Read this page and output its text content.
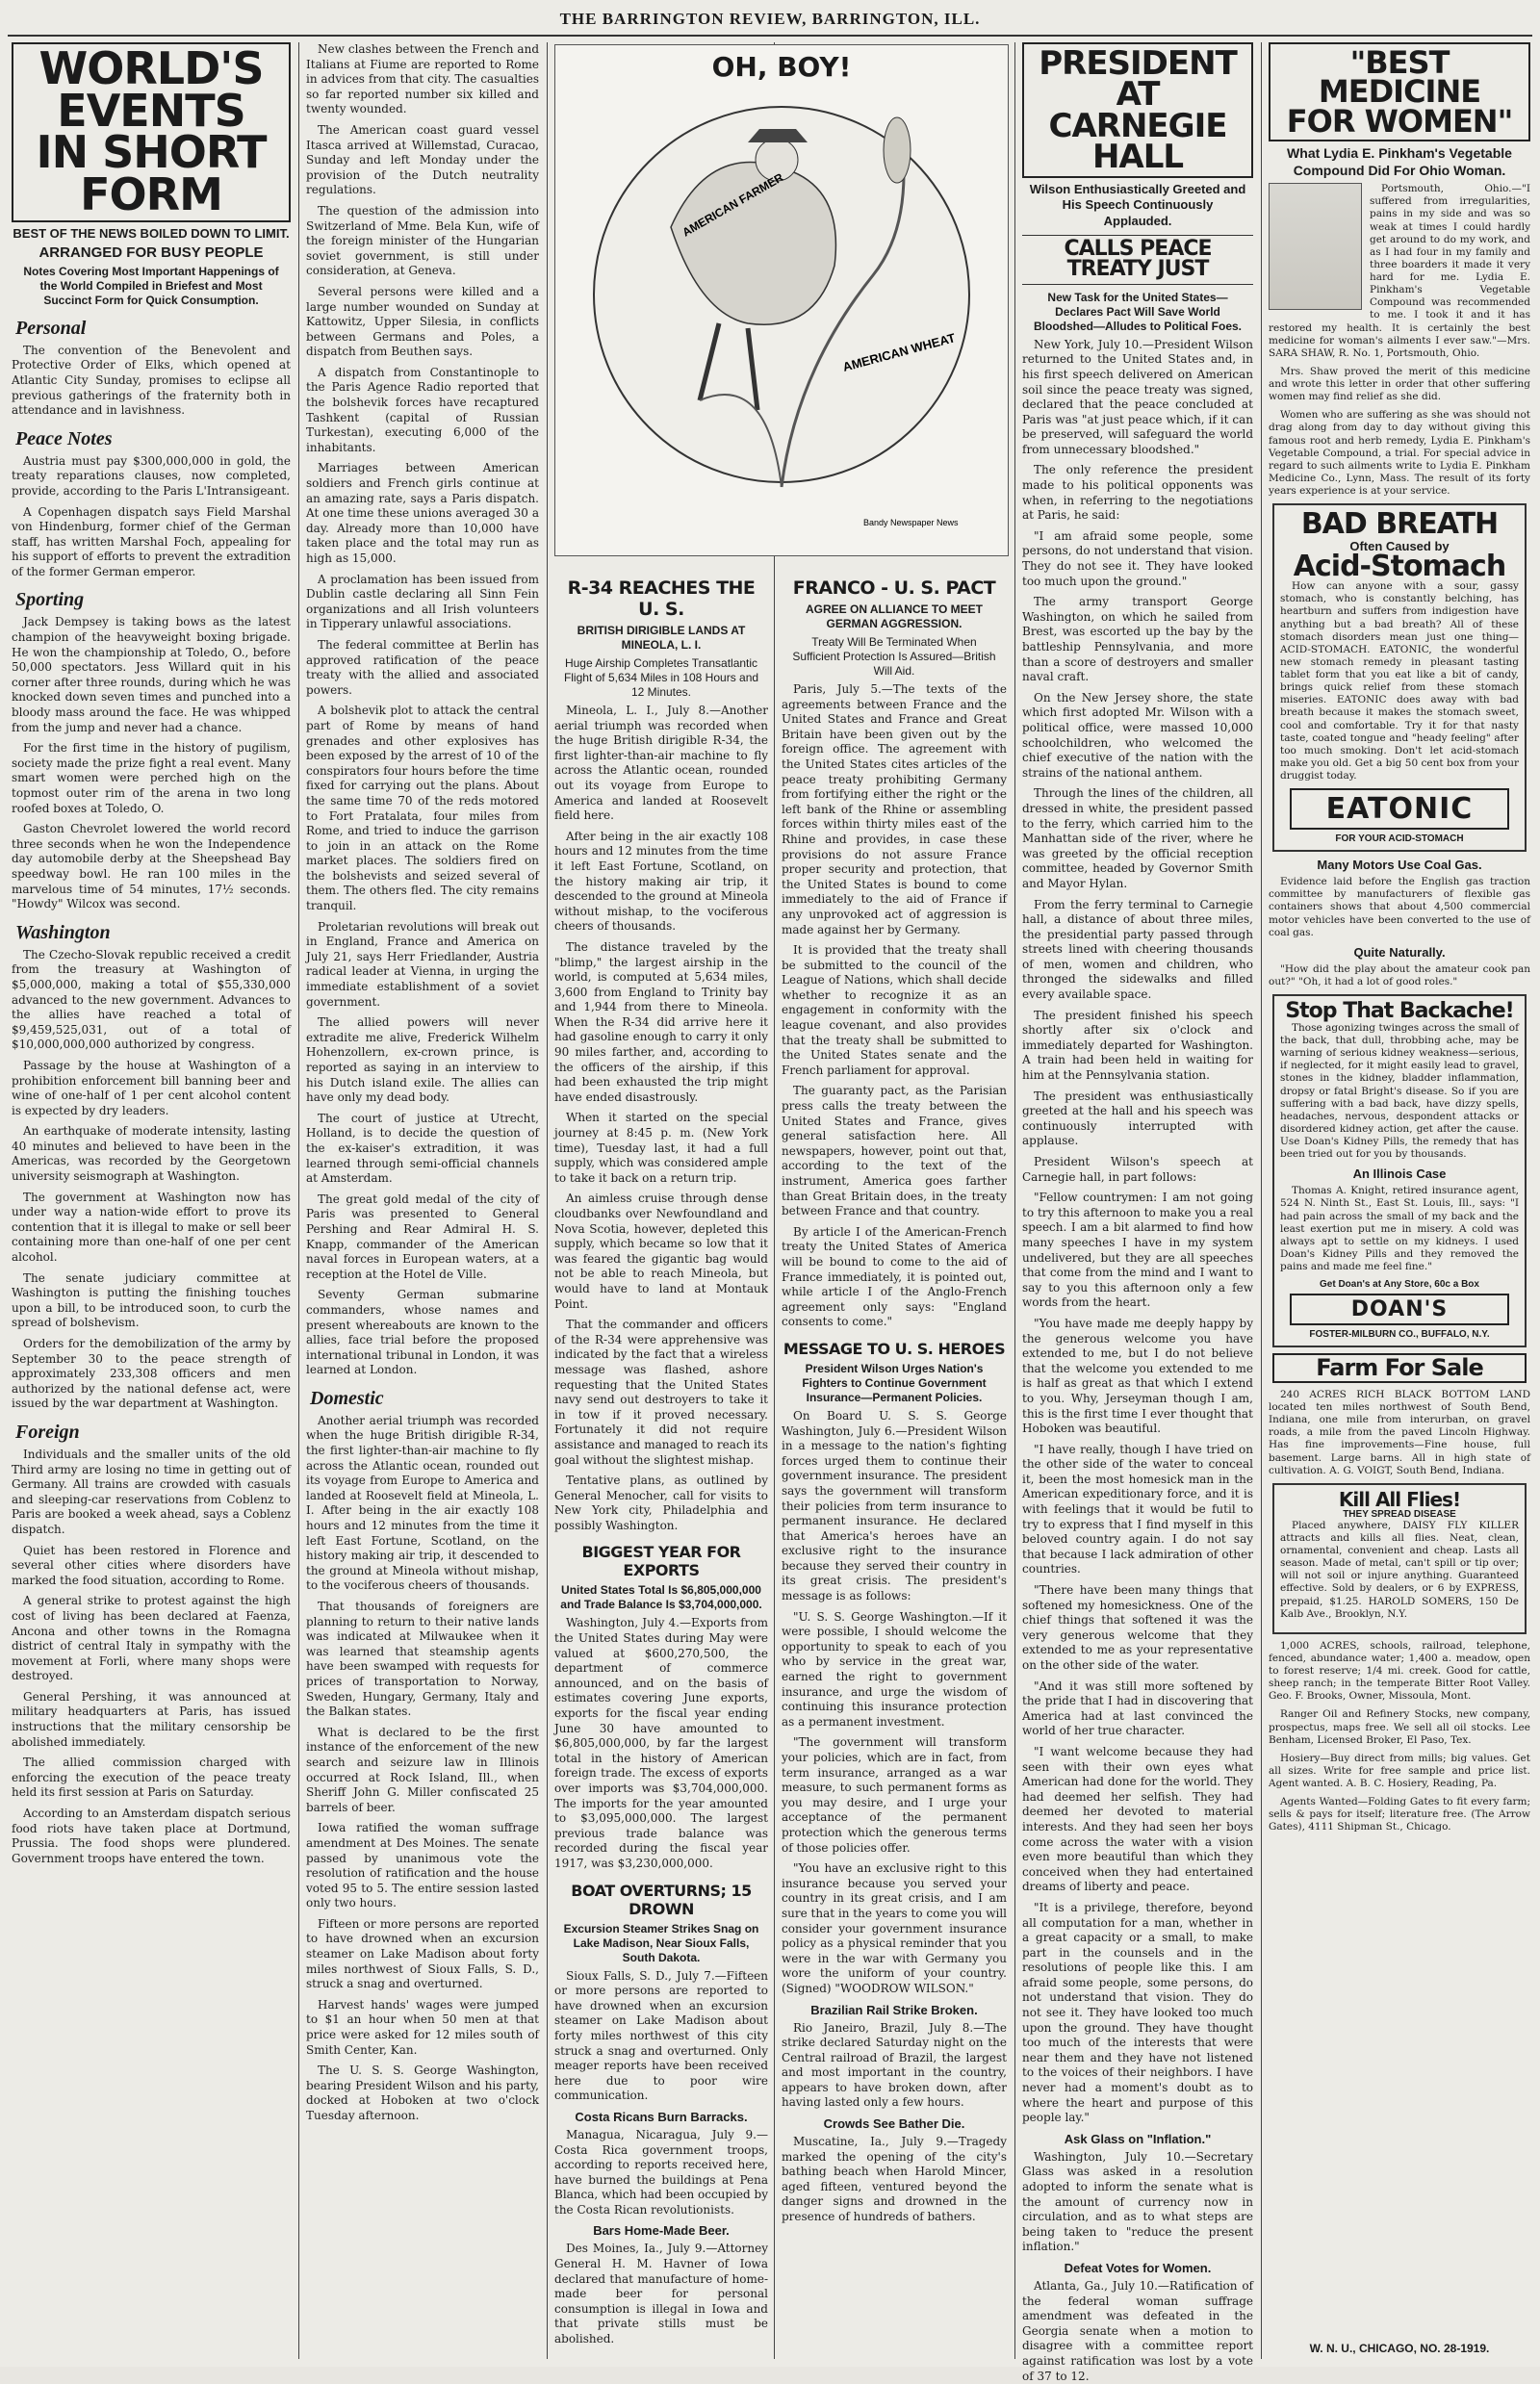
THE BARRINGTON REVIEW, BARRINGTON, ILL.
WORLD'S EVENTS
IN SHORT FORM
BEST OF THE NEWS BOILED DOWN TO LIMIT.
ARRANGED FOR BUSY PEOPLE
Notes Covering Most Important Happenings of the World Compiled in Briefest and Most Succinct Form for Quick Consumption.
Personal

The convention of the Benevolent and Protective Order of Elks, which opened at Atlantic City Sunday, promises to eclipse all previous gatherings of the fraternity both in attendance and in lavishness.

Peace Notes

Austria must pay $300,000,000 in gold, the treaty reparations clauses, now completed, provide, according to the Paris L'Intransigeant.

A Copenhagen dispatch says Field Marshal von Hindenburg, former chief of the German staff, has written Marshal Foch, appealing for his support of efforts to prevent the extradition of the former German emperor.

Sporting

Jack Dempsey is taking bows as the latest champion of the heavyweight boxing brigade. He won the championship at Toledo, O., before 50,000 spectators. Jess Willard quit in his corner after three rounds, during which he was knocked down seven times and punched into a bloody mass around the face. He was whipped from the jump and never had a chance.

For the first time in the history of pugilism, society made the prize fight a real event. Many smart women were perched high on the topmost outer rim of the arena in two long roofed boxes at Toledo, O.

Gaston Chevrolet lowered the world record three seconds when he won the Independence day automobile derby at the Sheepshead Bay speedway bowl. He ran 100 miles in the marvelous time of 54 minutes, 17½ seconds. "Howdy" Wilcox was second.

Washington

The Czecho-Slovak republic received a credit from the treasury at Washington of $5,000,000, making a total of $55,330,000 advanced to the new government. Advances to the allies have reached a total of $9,459,525,031, out of a total of $10,000,000,000 authorized by congress.

Passage by the house at Washington of a prohibition enforcement bill banning beer and wine of one-half of 1 per cent alcohol content is expected by dry leaders.

An earthquake of moderate intensity, lasting 40 minutes and believed to have been in the Americas, was recorded by the Georgetown university seismograph at Washington.

The government at Washington now has under way a nation-wide effort to prove its contention that it is illegal to make or sell beer containing more than one-half of one per cent alcohol.

The senate judiciary committee at Washington is putting the finishing touches upon a bill, to be introduced soon, to curb the spread of bolshevism.

Orders for the demobilization of the army by September 30 to the peace strength of approximately 233,308 officers and men authorized by the national defense act, were issued by the war department at Washington.

Foreign

Individuals and the smaller units of the old Third army are losing no time in getting out of Germany. All trains are crowded with casuals and sleeping-car reservations from Coblenz to Paris are booked a week ahead, says a Coblenz dispatch.

Quiet has been restored in Florence and several other cities where disorders have marked the food situation, according to Rome.

A general strike to protest against the high cost of living has been declared at Faenza, Ancona and other towns in the Romagna district of central Italy in sympathy with the movement at Forli, where many shops were destroyed.

General Pershing, it was announced at military headquarters at Paris, has issued instructions that the military censorship be abolished immediately.

The allied commission charged with enforcing the execution of the peace treaty held its first session at Paris on Saturday.

According to an Amsterdam dispatch serious food riots have taken place at Dortmund, Prussia. The food shops were plundered. Government troops have entered the town.

New clashes between the French and Italians at Fiume are reported to Rome in advices from that city. The casualties so far reported number six killed and twenty wounded.

The American coast guard vessel Itasca arrived at Willemstad, Curacao, Sunday and left Monday under the provision of the Dutch neutrality regulations.

The question of the admission into Switzerland of Mme. Bela Kun, wife of the foreign minister of the Hungarian soviet government, is still under consideration, at Geneva.

Several persons were killed and a large number wounded on Sunday at Kattowitz, Upper Silesia, in conflicts between Germans and Poles, a dispatch from Beuthen says.

A dispatch from Constantinople to the Paris Agence Radio reported that the bolshevik forces have recaptured Tashkent (capital of Russian Turkestan), executing 6,000 of the inhabitants.

Marriages between American soldiers and French girls continue at an amazing rate, says a Paris dispatch. At one time these unions averaged 30 a day. Already more than 10,000 have taken place and the total may run as high as 15,000.

A proclamation has been issued from Dublin castle declaring all Sinn Fein organizations and all Irish volunteers in Tipperary unlawful associations.

The federal committee at Berlin has approved ratification of the peace treaty with the allied and associated powers.

A bolshevik plot to attack the central part of Rome by means of hand grenades and other explosives has been exposed by the arrest of 10 of the conspirators four hours before the time fixed for carrying out the plans. About the same time 70 of the reds motored to Fort Pratalata, four miles from Rome, and tried to induce the garrison to join in an attack on the Rome market places. The soldiers fired on the bolshevists and seized several of them. The others fled. The city remains tranquil.

Proletarian revolutions will break out in England, France and America on July 21, says Herr Friedlander, Austria radical leader at Vienna, in urging the immediate establishment of a soviet government.

The allied powers will never extradite me alive, Frederick Wilhelm Hohenzollern, ex-crown prince, is reported as saying in an interview to his Dutch island exile. The allies can have only my dead body.

The court of justice at Utrecht, Holland, is to decide the question of the ex-kaiser's extradition, it was learned through semi-official channels at Amsterdam.

The great gold medal of the city of Paris was presented to General Pershing and Rear Admiral H. S. Knapp, commander of the American naval forces in European waters, at a reception at the Hotel de Ville.

Seventy German submarine commanders, whose names and present whereabouts are known to the allies, face trial before the proposed international tribunal in London, it was learned at London.

Domestic

Another aerial triumph was recorded when the huge British dirigible R-34, the first lighter-than-air machine to fly across the Atlantic ocean, rounded out its voyage from Europe to America and landed at Roosevelt field at Mineola, L. I. After being in the air exactly 108 hours and 12 minutes from the time it left East Fortune, Scotland, on the history making air trip, it descended to the ground at Mineola without mishap, to the vociferous cheers of thousands.

That thousands of foreigners are planning to return to their native lands was indicated at Milwaukee when it was learned that steamship agents have been swamped with requests for prices of transportation to Norway, Sweden, Hungary, Germany, Italy and the Balkan states.

What is declared to be the first instance of the enforcement of the new search and seizure law in Illinois occurred at Rock Island, Ill., when Sheriff John G. Miller confiscated 25 barrels of beer.

Iowa ratified the woman suffrage amendment at Des Moines. The senate passed by unanimous vote the resolution of ratification and the house voted 95 to 5. The entire session lasted only two hours.

Fifteen or more persons are reported to have drowned when an excursion steamer on Lake Madison about forty miles northwest of Sioux Falls, S. D., struck a snag and overturned.

Harvest hands' wages were jumped to $1 an hour when 50 men at that price were asked for 12 miles south of Smith Center, Kan.

The U. S. S. George Washington, bearing President Wilson and his party, docked at Hoboken at two o'clock Tuesday afternoon.

OH, BOY!
AMERICAN FARMER
AMERICAN WHEAT
Bandy Newspaper News
R-34 REACHES THE U. S.
BRITISH DIRIGIBLE LANDS AT MINEOLA, L. I.
Huge Airship Completes Transatlantic Flight of 5,634 Miles in 108 Hours and 12 Minutes.

Mineola, L. I., July 8.—Another aerial triumph was recorded when the huge British dirigible R-34, the first lighter-than-air machine to fly across the Atlantic ocean, rounded out its voyage from Europe to America and landed at Roosevelt field here.

After being in the air exactly 108 hours and 12 minutes from the time it left East Fortune, Scotland, on the history making air trip, it descended to the ground at Mineola without mishap, to the vociferous cheers of thousands.

The distance traveled by the "blimp," the largest airship in the world, is computed at 5,634 miles, 3,600 from England to Trinity bay and 1,944 from there to Mineola. When the R-34 did arrive here it had gasoline enough to carry it only 90 miles farther, and, according to the officers of the airship, if this had been exhausted the trip might have ended disastrously.

When it started on the special journey at 8:45 p. m. (New York time), Tuesday last, it had a full supply, which was considered ample to take it back on a return trip.

An aimless cruise through dense cloudbanks over Newfoundland and Nova Scotia, however, depleted this supply, which became so low that it was feared the gigantic bag would not be able to reach Mineola, but would have to land at Montauk Point.

That the commander and officers of the R-34 were apprehensive was indicated by the fact that a wireless message was flashed, ashore requesting that the United States navy send out destroyers to take it in tow if it proved necessary. Fortunately it did not require assistance and managed to reach its goal without the slightest mishap.

Tentative plans, as outlined by General Menocher, call for visits to New York city, Philadelphia and possibly Washington.

BIGGEST YEAR FOR EXPORTS
United States Total Is $6,805,000,000 and Trade Balance Is $3,704,000,000.

Washington, July 4.—Exports from the United States during May were valued at $600,270,500, the department of commerce announced, and on the basis of estimates covering June exports, exports for the fiscal year ending June 30 have amounted to $6,805,000,000, by far the largest total in the history of American foreign trade. The excess of exports over imports was $3,704,000,000. The imports for the year amounted to $3,095,000,000. The largest previous trade balance was recorded during the fiscal year 1917, was $3,230,000,000.

BOAT OVERTURNS; 15 DROWN
Excursion Steamer Strikes Snag on Lake Madison, Near Sioux Falls, South Dakota.

Sioux Falls, S. D., July 7.—Fifteen or more persons are reported to have drowned when an excursion steamer on Lake Madison about forty miles northwest of this city struck a snag and overturned. Only meager reports have been received here due to poor wire communication.

Costa Ricans Burn Barracks.

Managua, Nicaragua, July 9.—Costa Rica government troops, according to reports received here, have burned the buildings at Pena Blanca, which had been occupied by the Costa Rican revolutionists.

Bars Home-Made Beer.

Des Moines, Ia., July 9.—Attorney General H. M. Havner of Iowa declared that manufacture of home-made beer for personal consumption is illegal in Iowa and that private stills must be abolished.

FRANCO - U. S. PACT
AGREE ON ALLIANCE TO MEET GERMAN AGGRESSION.
Treaty Will Be Terminated When Sufficient Protection Is Assured—British Will Aid.

Paris, July 5.—The texts of the agreements between France and the United States and France and Great Britain have been given out by the foreign office. The agreement with the United States cites articles of the peace treaty prohibiting Germany from fortifying either the right or the left bank of the Rhine or assembling forces within thirty miles east of the Rhine and provides, in case these provisions do not assure France proper security and protection, that the United States is bound to come immediately to the aid of France if any unprovoked act of aggression is made against her by Germany.

It is provided that the treaty shall be submitted to the council of the League of Nations, which shall decide whether to recognize it as an engagement in conformity with the league covenant, and also provides that the treaty shall be submitted to the United States senate and the French parliament for approval.

The guaranty pact, as the Parisian press calls the treaty between the United States and France, gives general satisfaction here. All newspapers, however, point out that, according to the text of the instrument, America goes farther than Great Britain does, in the treaty between France and that country.

By article I of the American-French treaty the United States of America will be bound to come to the aid of France immediately, it is pointed out, while article I of the Anglo-French agreement only says: "England consents to come."

MESSAGE TO U. S. HEROES
President Wilson Urges Nation's Fighters to Continue Government Insurance—Permanent Policies.

On Board U. S. S. George Washington, July 6.—President Wilson in a message to the nation's fighting forces urged them to continue their government insurance. The president says the government will transform their policies from term insurance to permanent insurance. He declared that America's heroes have an exclusive right to the insurance because they served their country in its great crisis. The president's message is as follows:

"U. S. S. George Washington.—If it were possible, I should welcome the opportunity to speak to each of you who by service in the great war, earned the right to government insurance, and urge the wisdom of continuing this insurance protection as a permanent investment.

"The government will transform your policies, which are in fact, from term insurance, arranged as a war measure, to such permanent forms as you may desire, and I urge your acceptance of the permanent protection which the generous terms of those policies offer.

"You have an exclusive right to this insurance because you served your country in its great crisis, and I am sure that in the years to come you will consider your government insurance policy as a physical reminder that you were in the war with Germany you wore the uniform of your country. (Signed) "WOODROW WILSON."

Brazilian Rail Strike Broken.

Rio Janeiro, Brazil, July 8.—The strike declared Saturday night on the Central railroad of Brazil, the largest and most important in the country, appears to have broken down, after having lasted only a few hours.

Crowds See Bather Die.

Muscatine, Ia., July 9.—Tragedy marked the opening of the city's bathing beach when Harold Mincer, aged fifteen, ventured beyond the danger signs and drowned in the presence of hundreds of bathers.

PRESIDENT AT
CARNEGIE HALL
Wilson Enthusiastically Greeted and His Speech Continuously Applauded.
CALLS PEACE TREATY JUST
New Task for the United States—Declares Pact Will Save World Bloodshed—Alludes to Political Foes.

New York, July 10.—President Wilson returned to the United States and, in his first speech delivered on American soil since the peace treaty was signed, declared that the peace concluded at Paris was "at just peace which, if it can be preserved, will safeguard the world from unnecessary bloodshed."

The only reference the president made to his political opponents was when, in referring to the negotiations at Paris, he said:

"I am afraid some people, some persons, do not understand that vision. They do not see it. They have looked too much upon the ground."

The army transport George Washington, on which he sailed from Brest, was escorted up the bay by the battleship Pennsylvania, and more than a score of destroyers and smaller naval craft.

On the New Jersey shore, the state which first adopted Mr. Wilson with a political office, were massed 10,000 schoolchildren, who welcomed the chief executive of the nation with the strains of the national anthem.

Through the lines of the children, all dressed in white, the president passed to the ferry, which carried him to the Manhattan side of the river, where he was greeted by the official reception committee, headed by Governor Smith and Mayor Hylan.

From the ferry terminal to Carnegie hall, a distance of about three miles, the presidential party passed through streets lined with cheering thousands of men, women and children, who thronged the sidewalks and filled every available space.

The president finished his speech shortly after six o'clock and immediately departed for Washington. A train had been held in waiting for him at the Pennsylvania station.

The president was enthusiastically greeted at the hall and his speech was continuously interrupted with applause.

President Wilson's speech at Carnegie hall, in part follows:

"Fellow countrymen: I am not going to try this afternoon to make you a real speech. I am a bit alarmed to find how many speeches I have in my system undelivered, but they are all speeches that come from the mind and I want to say to you this afternoon only a few words from the heart.

"You have made me deeply happy by the generous welcome you have extended to me, but I do not believe that the welcome you extended to me is half as great as that which I extend to you. Why, Jerseyman though I am, this is the first time I ever thought that Hoboken was beautiful.

"I have really, though I have tried on the other side of the water to conceal it, been the most homesick man in the American expeditionary force, and it is with feelings that it would be futil to try to express that I find myself in this beloved country again. I do not say that because I lack admiration of other countries.

"There have been many things that softened my homesickness. One of the chief things that softened it was the very generous welcome that they extended to me as your representative on the other side of the water.

"And it was still more softened by the pride that I had in discovering that America had at last convinced the world of her true character.

"I want welcome because they had seen with their own eyes what American had done for the world. They had deemed her selfish. They had deemed her devoted to material interests. And they had seen her boys come across the water with a vision even more beautiful than which they conceived when they had entertained dreams of liberty and peace.

"It is a privilege, therefore, beyond all computation for a man, whether in a great capacity or a small, to make part in the counsels and in the resolutions of people like this. I am afraid some people, some persons, do not understand that vision. They do not see it. They have looked too much upon the ground. They have thought too much of the interests that were near them and they have not listened to the voices of their neighbors. I have never had a moment's doubt as to where the heart and purpose of this people lay."

Ask Glass on "Inflation."

Washington, July 10.—Secretary Glass was asked in a resolution adopted to inform the senate what is the amount of currency now in circulation, and as to what steps are being taken to "reduce the present inflation."

Defeat Votes for Women.

Atlanta, Ga., July 10.—Ratification of the federal woman suffrage amendment was defeated in the Georgia senate when a motion to disagree with a committee report against ratification was lost by a vote of 37 to 12.

"BEST MEDICINE
FOR WOMEN"
What Lydia E. Pinkham's Vegetable Compound Did For Ohio Woman.

Portsmouth, Ohio.—"I suffered from irregularities, pains in my side and was so weak at times I could hardly get around to do my work, and as I had four in my family and three boarders it made it very hard for me. Lydia E. Pinkham's Vegetable Compound was recommended to me. I took it and it has restored my health. It is certainly the best medicine for woman's ailments I ever saw."—Mrs. SARA SHAW, R. No. 1, Portsmouth, Ohio.

Mrs. Shaw proved the merit of this medicine and wrote this letter in order that other suffering women may find relief as she did.

Women who are suffering as she was should not drag along from day to day without giving this famous root and herb remedy, Lydia E. Pinkham's Vegetable Compound, a trial. For special advice in regard to such ailments write to Lydia E. Pinkham Medicine Co., Lynn, Mass. The result of its forty years experience is at your service.

BAD BREATH
Often Caused by
Acid-Stomach

How can anyone with a sour, gassy stomach, who is constantly belching, has heartburn and suffers from indigestion have anything but a bad breath? All of these stomach disorders mean just one thing—ACID-STOMACH. EATONIC, the wonderful new stomach remedy in pleasant tasting tablet form that you eat like a bit of candy, brings quick relief from these stomach miseries. EATONIC does away with bad breath because it makes the stomach sweet, cool and comfortable. Try it for that nasty taste, coated tongue and "heady feeling" after too much smoking. Don't let acid-stomach make you old. Get a big 50 cent box from your druggist today.

EATONIC
FOR YOUR ACID-STOMACH
Many Motors Use Coal Gas.

Evidence laid before the English gas traction committee by manufacturers of flexible gas containers shows that about 4,500 commercial motor vehicles have been converted to the use of coal gas.

Quite Naturally.

"How did the play about the amateur cook pan out?" "Oh, it had a lot of good roles."

Stop That Backache!

Those agonizing twinges across the small of the back, that dull, throbbing ache, may be warning of serious kidney weakness—serious, if neglected, for it might easily lead to gravel, stones in the kidney, bladder inflammation, dropsy or fatal Bright's disease. So if you are suffering with a bad back, have dizzy spells, headaches, nervous, despondent attacks or disordered kidney action, get after the cause. Use Doan's Kidney Pills, the remedy that has been tried out for you by thousands.

An Illinois Case

Thomas A. Knight, retired insurance agent, 524 N. Ninth St., East St. Louis, Ill., says: "I had pain across the small of my back and the least exertion put me in misery. A cold was always apt to settle on my kidneys. I used Doan's Kidney Pills and they removed the pains and made me feel fine."

Get Doan's at Any Store, 60c a Box
DOAN'S
FOSTER-MILBURN CO., BUFFALO, N.Y.
Farm For Sale

240 ACRES RICH BLACK BOTTOM LAND located ten miles northwest of South Bend, Indiana, one mile from interurban, on gravel roads, a mile from the paved Lincoln Highway. Has fine improvements—Fine house, full basement. Large barns. All in high state of cultivation. A. G. VOIGT, South Bend, Indiana.

Kill All Flies!
THEY SPREAD DISEASE

Placed anywhere, DAISY FLY KILLER attracts and kills all flies. Neat, clean, ornamental, convenient and cheap. Lasts all season. Made of metal, can't spill or tip over; will not soil or injure anything. Guaranteed effective. Sold by dealers, or 6 by EXPRESS, prepaid, $1.25. HAROLD SOMERS, 150 De Kalb Ave., Brooklyn, N.Y.

1,000 ACRES, schools, railroad, telephone, fenced, abundance water; 1,400 a. meadow, open to forest reserve; 1/4 mi. creek. Good for cattle, sheep ranch; in the temperate Bitter Root Valley. Geo. F. Brooks, Owner, Missoula, Mont.

Ranger Oil and Refinery Stocks, new company, prospectus, maps free. We sell all oil stocks. Lee Benham, Licensed Broker, El Paso, Tex.

Hosiery—Buy direct from mills; big values. Get all sizes. Write for free sample and price list. Agent wanted. A. B. C. Hosiery, Reading, Pa.

Agents Wanted—Folding Gates to fit every farm; sells & pays for itself; literature free. (The Arrow Gates), 4111 Shipman St., Chicago.

W. N. U., CHICAGO, NO. 28-1919.
